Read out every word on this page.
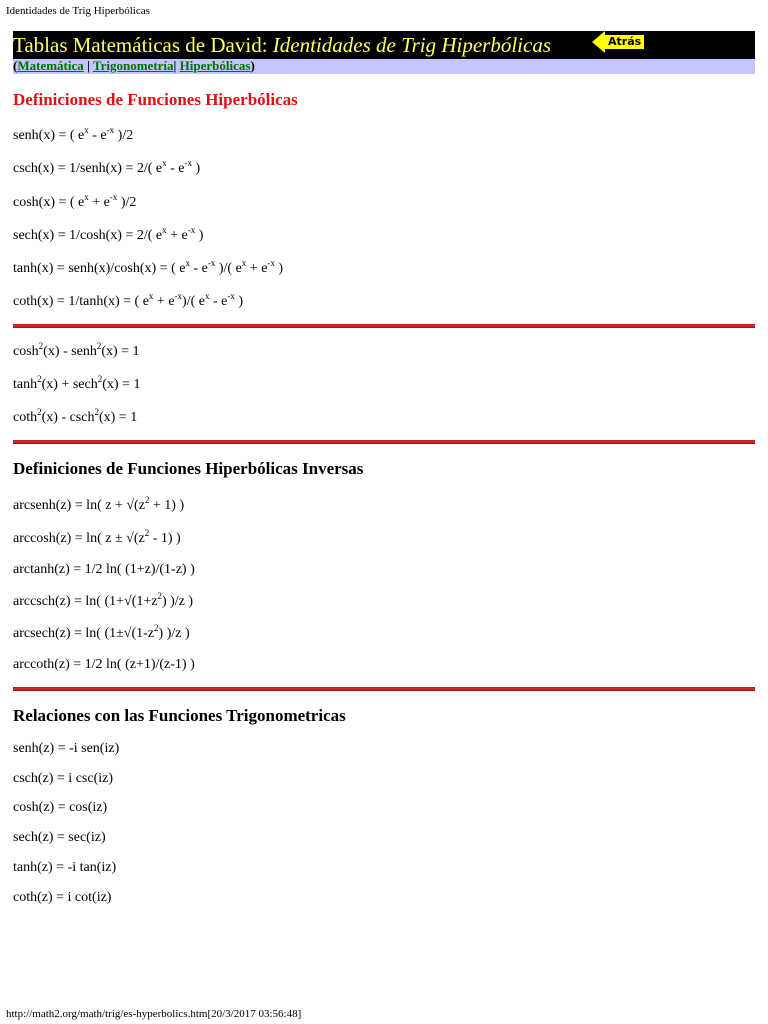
Identidades de Trig Hiperbólicas
Tablas Matemáticas de David: Identidades de Trig Hiperbólicas	Atrás
(Matemática | Trigonometría| Hiperbólicas)
Definiciones de Funciones Hiperbólicas
senh(x) = ( $e^x - e^{-x}$ )/2
csch(x) = 1/senh(x) = 2/( $e^x - e^{-x}$ )
cosh(x) = ( $e^x + e^{-x}$ )/2
sech(x) = 1/cosh(x) = 2/( $e^x + e^{-x}$ )
tanh(x) = senh(x)/cosh(x) = ( $e^x - e^{-x}$ )/( $e^x + e^{-x}$ )
coth(x) = 1/tanh(x) = ( $e^x + e^{-x})/$( $e^x - e^{-x}$ )
$\cosh^2(x)$ - senh$^2$(x) = 1
$\tanh^2(x) + \sec h^2(x) = 1$
coth$^2$(x) - csch$^2$(x) = 1
Definiciones de Funciones Hiperbólicas Inversas
arcsenh(z) = ln( $z + √(z^2 + 1)$ )
arccosh(z) = ln( $z \pm √(z^2 - 1)$ )
arctanh(z) = 1/2 ln( (1+z)/(1-z) )
arccsch(z) = ln( ($1+√(1+z^2)$ )/z )
arcsech(z) = ln( ($1\pm√(1-z^2)$ )/z )
arccoth(z) = 1/2 ln( (z+1)/(z-1) )
Relaciones con las Funciones Trigonometricas
senh(z) = -i sen(iz)
csch(z) = i csc(iz)
cosh(z) = cos(iz)
sech(z) = sec(iz)
tanh(z) = -i tan(iz)
coth(z) = i cot(iz)
http://math2.org/math/trig/es-hyperbolics.htm[20/3/2017 03:56:48]
